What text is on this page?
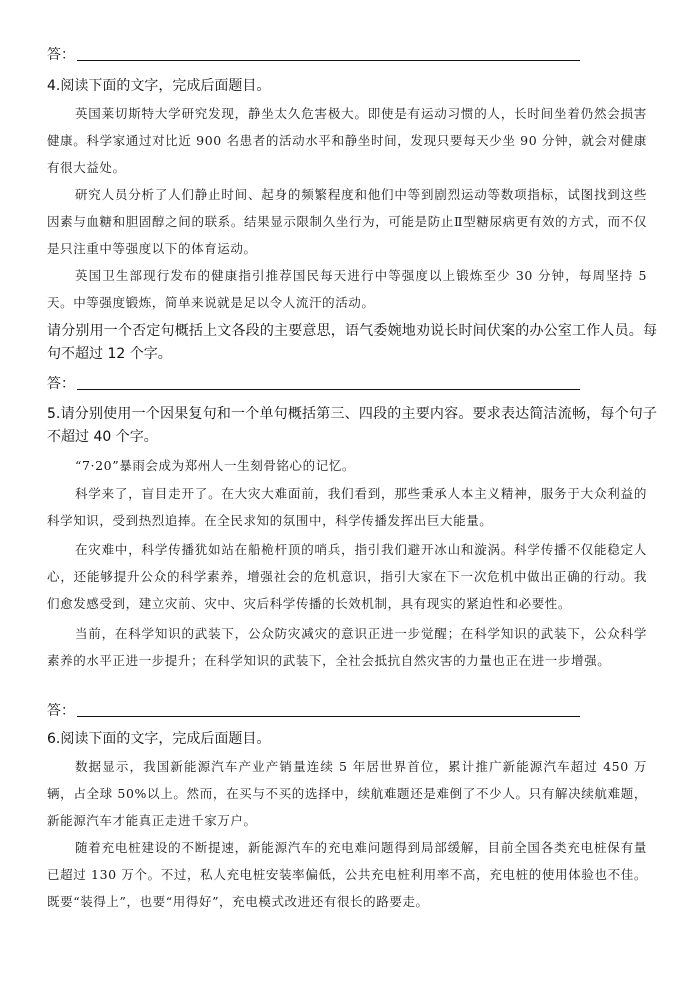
答：
4.阅读下面的文字，完成后面题目。
英国莱切斯特大学研究发现，静坐太久危害极大。即使是有运动习惯的人，长时间坐着仍然会损害健康。科学家通过对比近 900 名患者的活动水平和静坐时间，发现只要每天少坐 90 分钟，就会对健康有很大益处。
研究人员分析了人们静止时间、起身的频繁程度和他们中等到剧烈运动等数项指标，试图找到这些因素与血糖和胆固醇之间的联系。结果显示限制久坐行为，可能是防止Ⅱ型糖尿病更有效的方式，而不仅是只注重中等强度以下的体育运动。
英国卫生部现行发布的健康指引推荐国民每天进行中等强度以上锻炼至少 30 分钟，每周坚持 5 天。中等强度锻炼，简单来说就是足以令人流汗的活动。
请分别用一个否定句概括上文各段的主要意思，语气委婉地劝说长时间伏案的办公室工作人员。每句不超过 12 个字。
答：
5.请分别使用一个因果复句和一个单句概括第三、四段的主要内容。要求表达简洁流畅，每个句子不超过 40 个字。
“7·20”暴雨会成为郑州人一生刻骨铭心的记忆。
科学来了，盲目走开了。在大灾大难面前，我们看到，那些秉承人本主义精神，服务于大众利益的科学知识，受到热烈追捧。在全民求知的氛围中，科学传播发挥出巨大能量。
在灾难中，科学传播犹如站在船桅杆顶的哨兵，指引我们避开冰山和漩涡。科学传播不仅能稳定人心，还能够提升公众的科学素养，增强社会的危机意识，指引大家在下一次危机中做出正确的行动。我们愈发感受到，建立灾前、灾中、灾后科学传播的长效机制，具有现实的紧迫性和必要性。
当前，在科学知识的武装下，公众防灾减灾的意识正进一步觉醒；在科学知识的武装下，公众科学素养的水平正进一步提升；在科学知识的武装下，全社会抵抗自然灾害的力量也正在进一步增强。
答：
6.阅读下面的文字，完成后面题目。
数据显示，我国新能源汽车产业产销量连续 5 年居世界首位，累计推广新能源汽车超过 450 万辆，占全球 50%以上。然而，在买与不买的选择中，续航难题还是难倒了不少人。只有解决续航难题，新能源汽车才能真正走进千家万户。
随着充电桩建设的不断提速，新能源汽车的充电难问题得到局部缓解，目前全国各类充电桩保有量已超过 130 万个。不过，私人充电桩安装率偏低，公共充电桩利用率不高，充电桩的使用体验也不佳。既要“装得上”，也要“用得好”，充电模式改进还有很长的路要走。
